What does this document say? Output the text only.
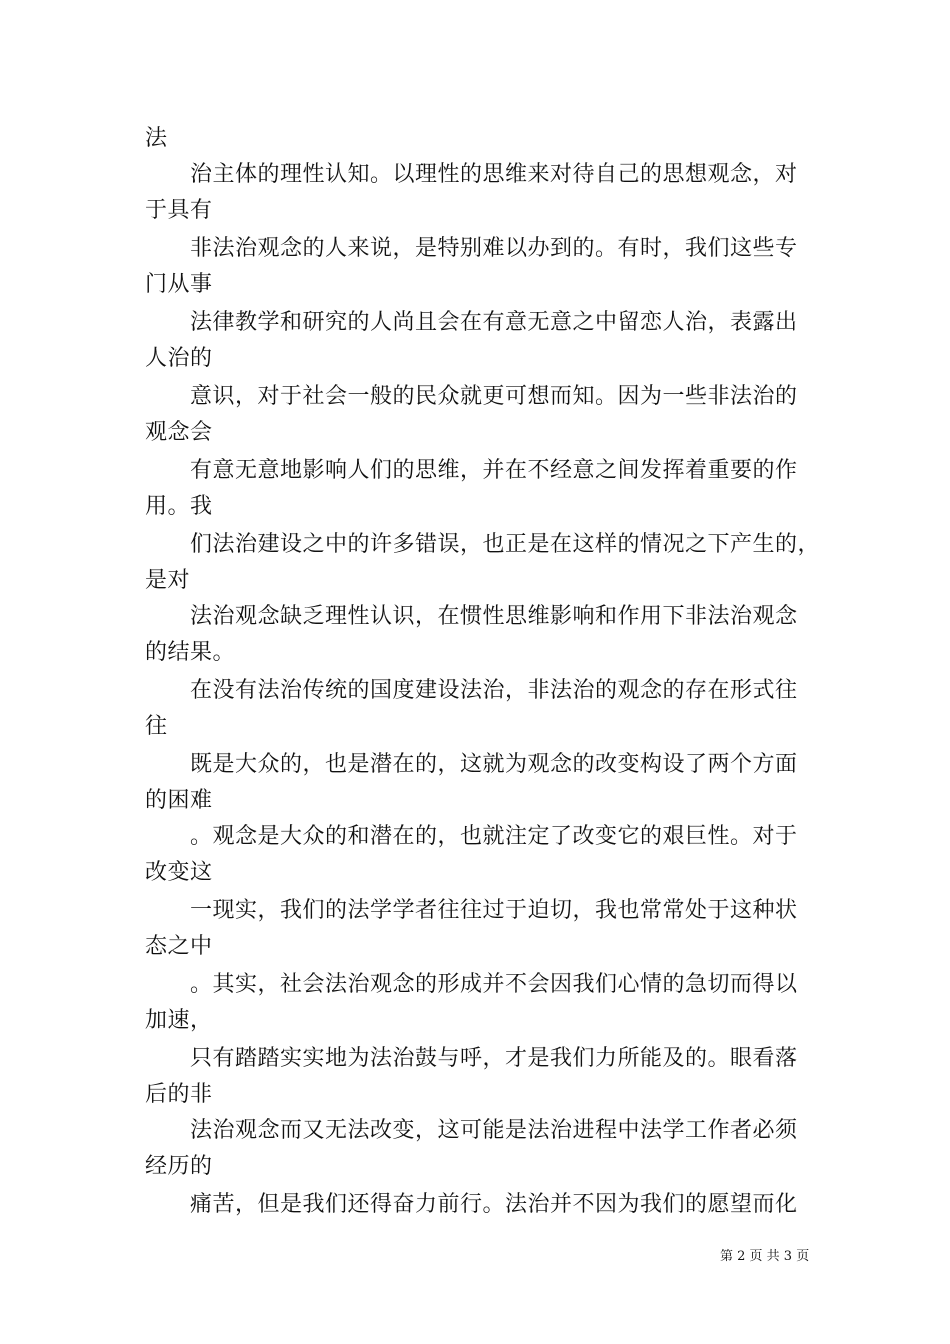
法
治主体的理性认知。以理性的思维来对待自己的思想观念，对
于具有
非法治观念的人来说，是特别难以办到的。有时，我们这些专
门从事
法律教学和研究的人尚且会在有意无意之中留恋人治，表露出
人治的
意识，对于社会一般的民众就更可想而知。因为一些非法治的
观念会
有意无意地影响人们的思维，并在不经意之间发挥着重要的作
用。我
们法治建设之中的许多错误，也正是在这样的情况之下产生的，
是对
法治观念缺乏理性认识，在惯性思维影响和作用下非法治观念
的结果。
在没有法治传统的国度建设法治，非法治的观念的存在形式往
往
既是大众的，也是潜在的，这就为观念的改变构设了两个方面
的困难
。观念是大众的和潜在的，也就注定了改变它的艰巨性。对于
改变这
一现实，我们的法学学者往往过于迫切，我也常常处于这种状
态之中
。其实，社会法治观念的形成并不会因我们心情的急切而得以
加速，
只有踏踏实实地为法治鼓与呼，才是我们力所能及的。眼看落
后的非
法治观念而又无法改变，这可能是法治进程中法学工作者必须
经历的
痛苦，但是我们还得奋力前行。法治并不因为我们的愿望而化
第 2 页 共 3 页
